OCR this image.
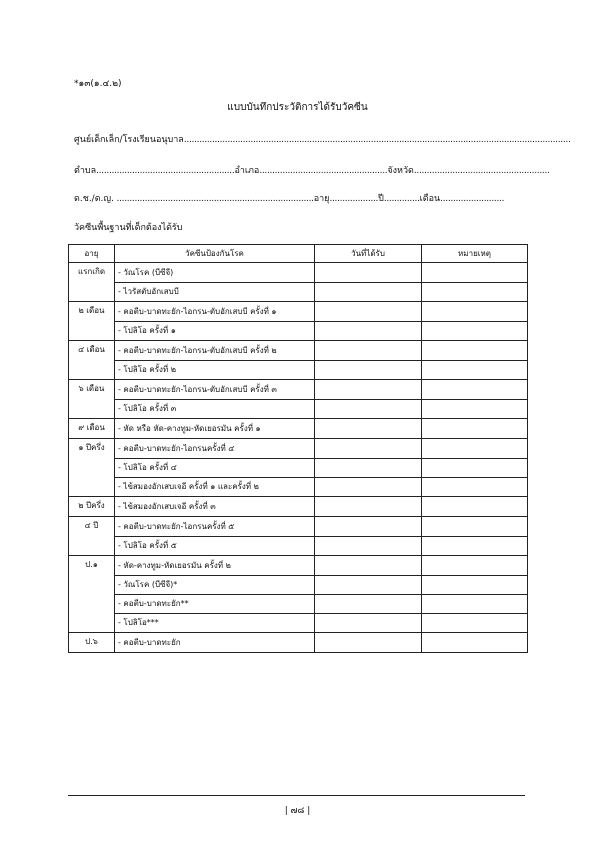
*๑๓(๑.๔.๒)
แบบบันทึกประวัติการได้รับวัคซีน
ศูนย์เด็กเล็ก/โรงเรียนอนุบาล.......................................................................................................................................................
ตำบล......................................................อำเภอ..................................................จังหวัด.....................................................
ด.ช./ด.ญ. .............................................................................อายุ...................ปี..............เดือน.........................
วัคซีนพื้นฐานที่เด็กต้องได้รับ
อายุ	วัคซีนป้องกันโรค	วันที่ได้รับ	หมายเหตุ
แรกเกิด	- วัณโรค (บีซีจี)		
	- ไวรัสตับอักเสบบี		
๒ เดือน	- คอตีบ-บาดทะยัก-ไอกรน-ตับอักเสบบี ครั้งที่ ๑		
	- โปลิโอ ครั้งที่ ๑		
๔ เดือน	- คอตีบ-บาดทะยัก-ไอกรน-ตับอักเสบบี ครั้งที่ ๒		
	- โปลิโอ ครั้งที่ ๒		
๖ เดือน	- คอตีบ-บาดทะยัก-ไอกรน-ตับอักเสบบี ครั้งที่ ๓		
	- โปลิโอ ครั้งที่ ๓		
๙ เดือน	- หัด หรือ หัด-คางทูม-หัดเยอรมัน ครั้งที่ ๑		
๑ ปีครึ่ง	- คอตีบ-บาดทะยัก-ไอกรนครั้งที่ ๔		
	- โปลิโอ ครั้งที่ ๔		
	- ไข้สมองอักเสบเจอี ครั้งที่ ๑ และครั้งที่ ๒		
๒ ปีครึ่ง	- ไข้สมองอักเสบเจอี ครั้งที่ ๓		
๔ ปี	- คอตีบ-บาดทะยัก-ไอกรนครั้งที่ ๕		
	- โปลิโอ ครั้งที่ ๕		
ป.๑	- หัด-คางทูม-หัดเยอรมัน ครั้งที่ ๒		
	- วัณโรค (บีซีจี)*		
	- คอตีบ-บาดทะยัก**		
	- โปลิโอ***		
ป.๖	- คอตีบ-บาดทะยัก		
| ๗๘ |
